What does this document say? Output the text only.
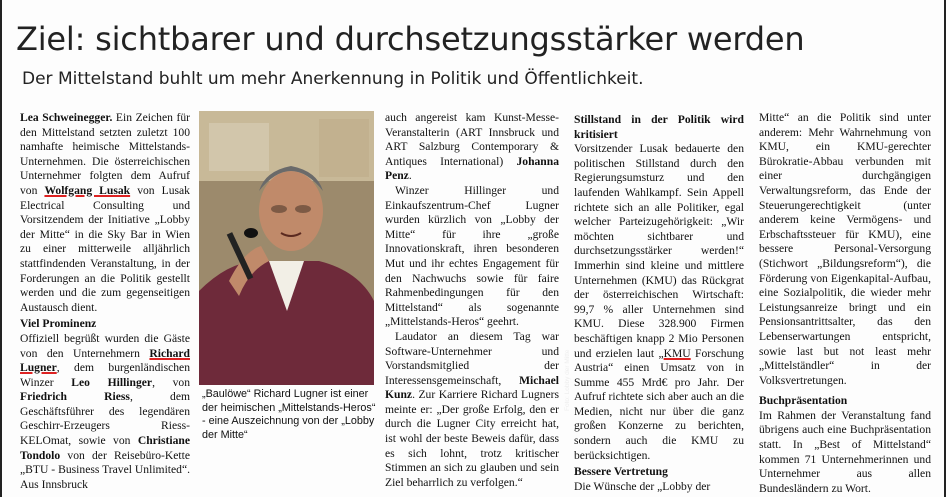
Ziel: sichtbarer und durchsetzungsstärker werden
Der Mittelstand buhlt um mehr Anerkennung in Politik und Öffentlichkeit.

Lea Schweinegger. Ein Zeichen für den Mittelstand setzten zuletzt 100 namhafte heimische Mittelstands-Unternehmen. Die österreichischen Unternehmer folgten dem Aufruf von Wolfgang Lusak von Lusak Electrical Consulting und Vorsitzendem der Initiative „Lobby der Mitte“ in die Sky Bar in Wien zu einer mitterweile alljährlich stattfindenden Veranstaltung, in der Forderungen an die Politik gestellt werden und die zum gegenseitigen Austausch dient.

Viel Prominenz

Offiziell begrüßt wurden die Gäste von den Unternehmern Richard Lugner, dem burgenländischen Winzer Leo Hillinger, von Friedrich Riess, dem Geschäftsführer des legendären Geschirr-Erzeugers Riess-KELOmat, sowie von Christiane Tondolo von der Reisebüro-Kette „BTU - Business Travel Unlimited“. Aus Innsbruck

Foto: Lobby der Mitte
„Baulöwe“ Richard Lugner ist einer der heimischen „Mittelstands-Heros“ - eine Auszeichnung von der „Lobby der Mitte“

auch angereist kam Kunst-Messe-Veranstalterin (ART Innsbruck und ART Salzburg Contemporary & Antiques International) Johanna Penz.

Winzer Hillinger und Einkaufszentrum-Chef Lugner wurden kürzlich von „Lobby der Mitte“ für ihre „große Innovationskraft, ihren besonderen Mut und ihr echtes Engagement für den Nachwuchs sowie für faire Rahmenbedingungen für den Mittelstand“ als sogenannte „Mittelstands-Heros“ geehrt.

Laudator an diesem Tag war Software-Unternehmer und Vorstandsmitglied der Interessensgemeinschaft, Michael Kunz. Zur Karriere Richard Lugners meinte er: „Der große Erfolg, den er durch die Lugner City erreicht hat, ist wohl der beste Beweis dafür, dass es sich lohnt, trotz kritischer Stimmen an sich zu glauben und sein Ziel beharrlich zu verfolgen.“

Stillstand in der Politik wird kritisiert

Vorsitzender Lusak bedauerte den politischen Stillstand durch den Regierungsumsturz und den laufenden Wahlkampf. Sein Appell richtete sich an alle Politiker, egal welcher Parteizugehörigkeit: „Wir möchten sichtbarer und durchsetzungsstärker werden!“ Immerhin sind kleine und mittlere Unternehmen (KMU) das Rückgrat der österreichischen Wirtschaft: 99,7 % aller Unternehmen sind KMU. Diese 328.900 Firmen beschäftigen knapp 2 Mio Personen und erzielen laut „KMU Forschung Austria“ einen Umsatz von in Summe 455 Mrd€ pro Jahr. Der Aufruf richtete sich aber auch an die Medien, nicht nur über die ganz großen Konzerne zu berichten, sondern auch die KMU zu berücksichtigen.

Bessere Vertretung

Die Wünsche der „Lobby der

Mitte“ an die Politik sind unter anderem: Mehr Wahrnehmung von KMU, ein KMU-gerechter Bürokratie-Abbau verbunden mit einer durchgängigen Verwaltungsreform, das Ende der Steuerungerechtigkeit (unter anderem keine Vermögens- und Erbschaftssteuer für KMU), eine bessere Personal-Versorgung (Stichwort „Bildungsreform“), die Förderung von Eigenkapital-Aufbau, eine Sozialpolitik, die wieder mehr Leistungsanreize bringt und ein Pensionsantrittsalter, das den Lebenserwartungen entspricht, sowie last but not least mehr „Mittelständler“ in der Volksvertretungen.

Buchpräsentation

Im Rahmen der Veranstaltung fand übrigens auch eine Buchpräsentation statt. In „Best of Mittelstand“ kommen 71 Unternehmerinnen und Unternehmer aus allen Bundesländern zu Wort.
